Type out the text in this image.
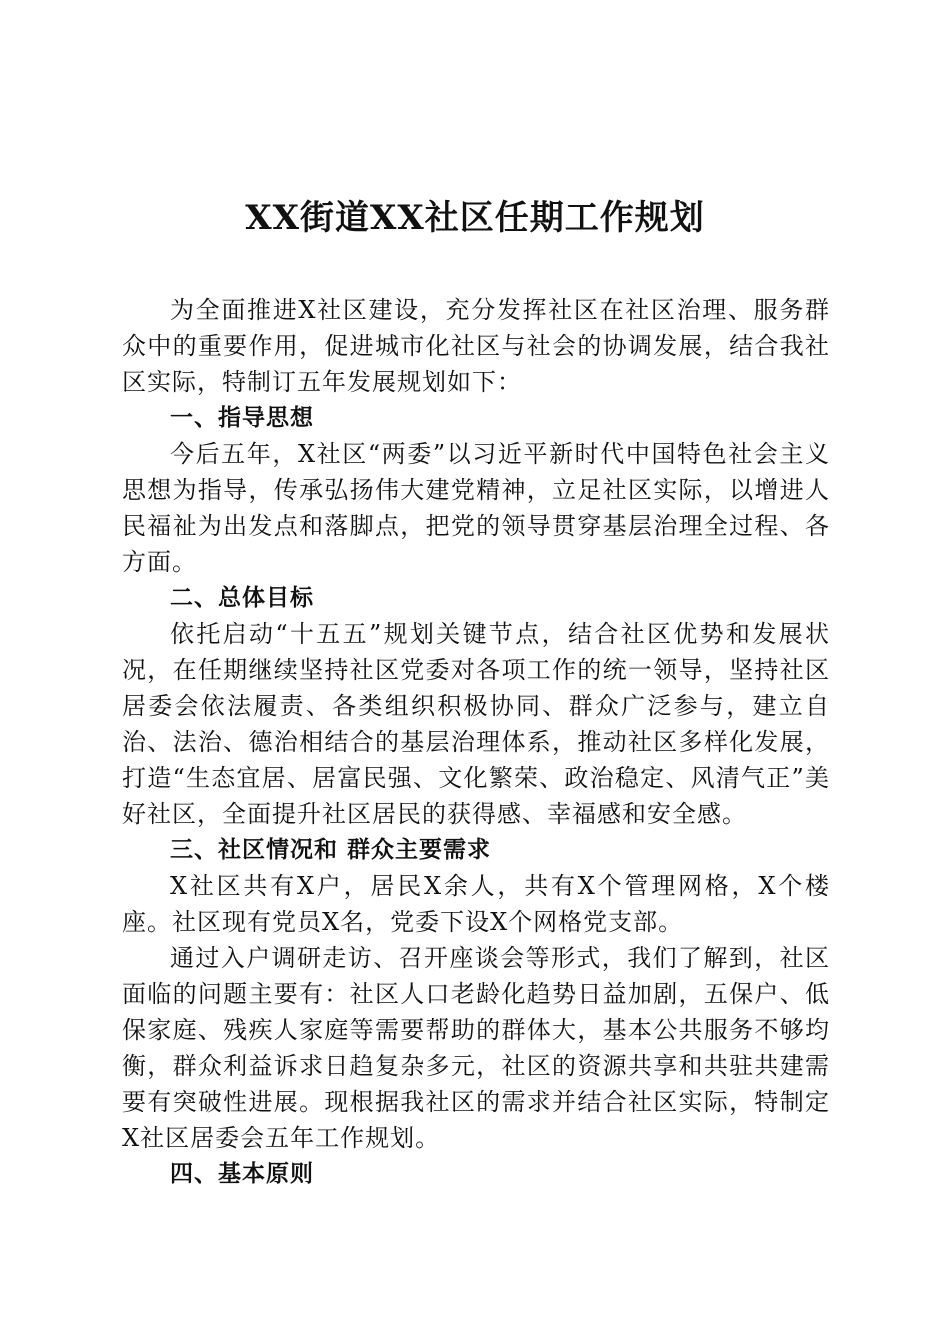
XX街道XX社区任期工作规划

为全面推进X社区建设，充分发挥社区在社区治理、服务群众中的重要作用，促进城市化社区与社会的协调发展，结合我社区实际，特制订五年发展规划如下：

一、指导思想

今后五年，X社区“两委”以习近平新时代中国特色社会主义思想为指导，传承弘扬伟大建党精神，立足社区实际，以增进人民福祉为出发点和落脚点，把党的领导贯穿基层治理全过程、各方面。

二、总体目标

依托启动“十五五”规划关键节点，结合社区优势和发展状况，在任期继续坚持社区党委对各项工作的统一领导，坚持社区居委会依法履责、各类组织积极协同、群众广泛参与，建立自治、法治、德治相结合的基层治理体系，推动社区多样化发展，打造“生态宜居、居富民强、文化繁荣、政治稳定、风清气正”美好社区，全面提升社区居民的获得感、幸福感和安全感。

三、社区情况和 群众主要需求

X社区共有X户，居民X余人，共有X个管理网格，X个楼座。社区现有党员X名，党委下设X个网格党支部。

通过入户调研走访、召开座谈会等形式，我们了解到，社区面临的问题主要有：社区人口老龄化趋势日益加剧，五保户、低保家庭、残疾人家庭等需要帮助的群体大，基本公共服务不够均衡，群众利益诉求日趋复杂多元，社区的资源共享和共驻共建需要有突破性进展。现根据我社区的需求并结合社区实际，特制定X社区居委会五年工作规划。

四、基本原则
